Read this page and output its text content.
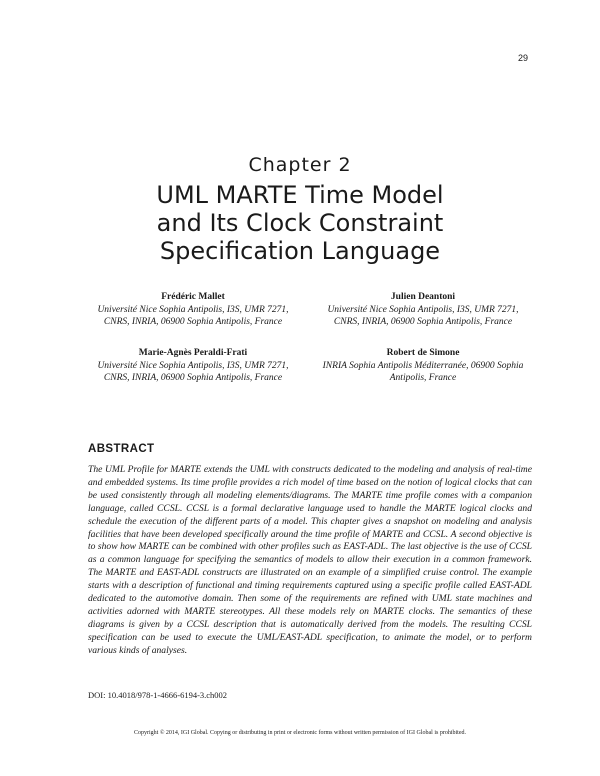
29
Chapter 2
UML MARTE Time Model
and Its Clock Constraint
Specification Language
Frédéric Mallet
Université Nice Sophia Antipolis, I3S, UMR 7271, CNRS, INRIA, 06900 Sophia Antipolis, France
Julien Deantoni
Université Nice Sophia Antipolis, I3S, UMR 7271, CNRS, INRIA, 06900 Sophia Antipolis, France
Marie-Agnès Peraldi-Frati
Université Nice Sophia Antipolis, I3S, UMR 7271, CNRS, INRIA, 06900 Sophia Antipolis, France
Robert de Simone
INRIA Sophia Antipolis Méditerranée, 06900 Sophia Antipolis, France
ABSTRACT

The UML Profile for MARTE extends the UML with constructs dedicated to the modeling and analysis of real-time and embedded systems. Its time profile provides a rich model of time based on the notion of logical clocks that can be used consistently through all modeling elements/diagrams. The MARTE time profile comes with a companion language, called CCSL. CCSL is a formal declarative language used to handle the MARTE logical clocks and schedule the execution of the different parts of a model. This chapter gives a snapshot on modeling and analysis facilities that have been developed specifically around the time profile of MARTE and CCSL. A second objective is to show how MARTE can be combined with other profiles such as EAST-ADL. The last objective is the use of CCSL as a common language for specifying the semantics of models to allow their execution in a common framework. The MARTE and EAST-ADL constructs are illustrated on an example of a simplified cruise control. The example starts with a description of functional and timing requirements captured using a specific profile called EAST-ADL dedicated to the automotive domain. Then some of the requirements are refined with UML state machines and activities adorned with MARTE stereotypes. All these models rely on MARTE clocks. The semantics of these diagrams is given by a CCSL description that is automatically derived from the models. The resulting CCSL specification can be used to execute the UML/EAST-ADL specification, to animate the model, or to perform various kinds of analyses.

DOI: 10.4018/978-1-4666-6194-3.ch002
Copyright © 2014, IGI Global. Copying or distributing in print or electronic forms without written permission of IGI Global is prohibited.
